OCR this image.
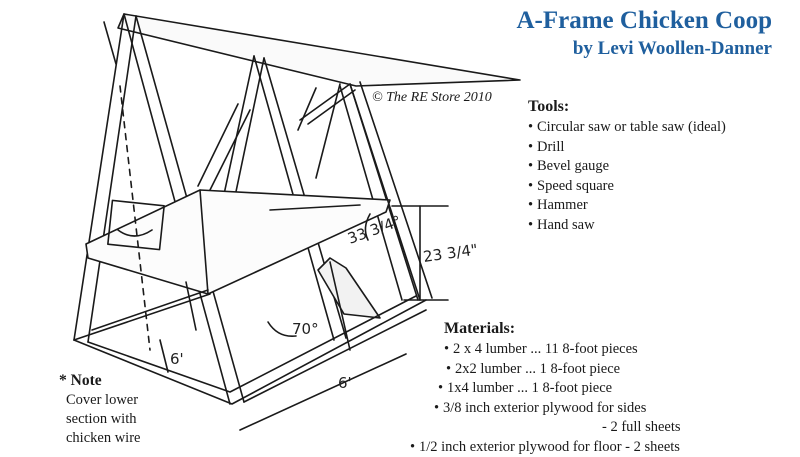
23 3/4"
33 3/4°
70°
6'
6'
A-Frame Chicken Coop
by Levi Woollen-Danner
© The RE Store 2010
Tools:
• Circular saw or table saw (ideal)
• Drill
• Bevel gauge
• Speed square
• Hammer
• Hand saw
Materials:
• 2 x 4 lumber ... 11 8-foot pieces
• 2x2 lumber ... 1 8-foot piece
• 1x4 lumber ... 1 8-foot piece
• 3/8 inch exterior plywood for sides
- 2 full sheets
• 1/2 inch exterior plywood for floor - 2 sheets
* Note
Cover lower
section with
chicken wire
